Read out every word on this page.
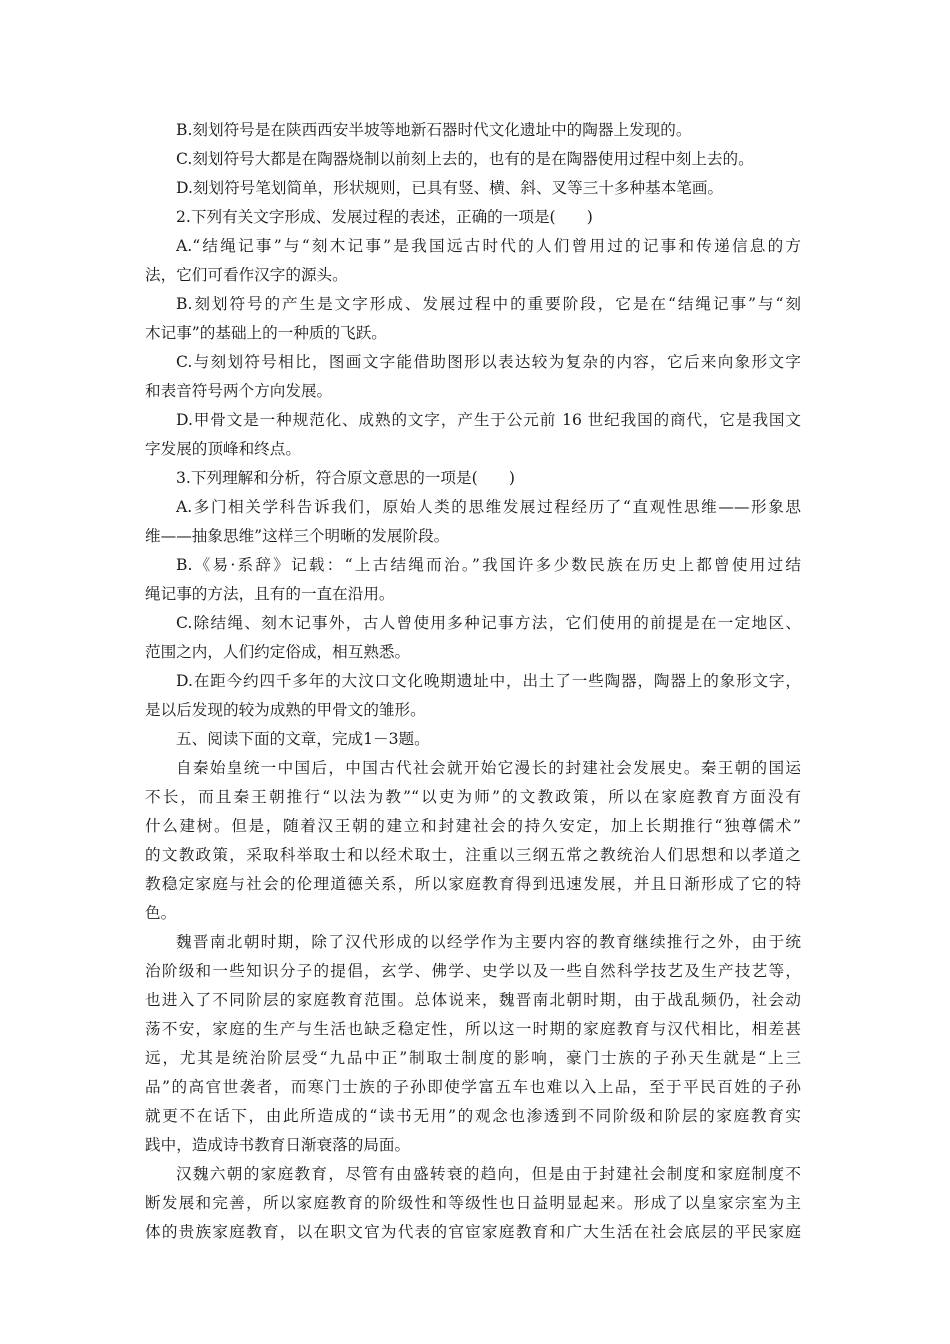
B.刻划符号是在陕西西安半坡等地新石器时代文化遗址中的陶器上发现的。
C.刻划符号大都是在陶器烧制以前刻上去的，也有的是在陶器使用过程中刻上去的。
D.刻划符号笔划简单，形状规则，已具有竖、横、斜、叉等三十多种基本笔画。
2.下列有关文字形成、发展过程的表述，正确的一项是(　　)
A.“结绳记事”与“刻木记事”是我国远古时代的人们曾用过的记事和传递信息的方
法，它们可看作汉字的源头。
B.刻划符号的产生是文字形成、发展过程中的重要阶段，它是在“结绳记事”与“刻
木记事”的基础上的一种质的飞跃。
C.与刻划符号相比，图画文字能借助图形以表达较为复杂的内容，它后来向象形文字
和表音符号两个方向发展。
D.甲骨文是一种规范化、成熟的文字，产生于公元前 16 世纪我国的商代，它是我国文
字发展的顶峰和终点。
3.下列理解和分析，符合原文意思的一项是(　　)
A.多门相关学科告诉我们，原始人类的思维发展过程经历了“直观性思维——形象思
维——抽象思维”这样三个明晰的发展阶段。
B.《易·系辞》记载：“上古结绳而治。”我国许多少数民族在历史上都曾使用过结
绳记事的方法，且有的一直在沿用。
C.除结绳、刻木记事外，古人曾使用多种记事方法，它们使用的前提是在一定地区、
范围之内，人们约定俗成，相互熟悉。
D.在距今约四千多年的大汶口文化晚期遗址中，出土了一些陶器，陶器上的象形文字，
是以后发现的较为成熟的甲骨文的雏形。
五、阅读下面的文章，完成1－3题。
自秦始皇统一中国后，中国古代社会就开始它漫长的封建社会发展史。秦王朝的国运
不长，而且秦王朝推行“以法为教”“以吏为师”的文教政策，所以在家庭教育方面没有
什么建树。但是，随着汉王朝的建立和封建社会的持久安定，加上长期推行“独尊儒术”
的文教政策，采取科举取士和以经术取士，注重以三纲五常之教统治人们思想和以孝道之
教稳定家庭与社会的伦理道德关系，所以家庭教育得到迅速发展，并且日渐形成了它的特
色。
魏晋南北朝时期，除了汉代形成的以经学作为主要内容的教育继续推行之外，由于统
治阶级和一些知识分子的提倡，玄学、佛学、史学以及一些自然科学技艺及生产技艺等，
也进入了不同阶层的家庭教育范围。总体说来，魏晋南北朝时期，由于战乱频仍，社会动
荡不安，家庭的生产与生活也缺乏稳定性，所以这一时期的家庭教育与汉代相比，相差甚
远，尤其是统治阶层受“九品中正”制取士制度的影响，豪门士族的子孙天生就是“上三
品”的高官世袭者，而寒门士族的子孙即使学富五车也难以入上品，至于平民百姓的子孙
就更不在话下，由此所造成的“读书无用”的观念也渗透到不同阶级和阶层的家庭教育实
践中，造成诗书教育日渐衰落的局面。
汉魏六朝的家庭教育，尽管有由盛转衰的趋向，但是由于封建社会制度和家庭制度不
断发展和完善，所以家庭教育的阶级性和等级性也日益明显起来。形成了以皇家宗室为主
体的贵族家庭教育，以在职文官为代表的官宦家庭教育和广大生活在社会底层的平民家庭
